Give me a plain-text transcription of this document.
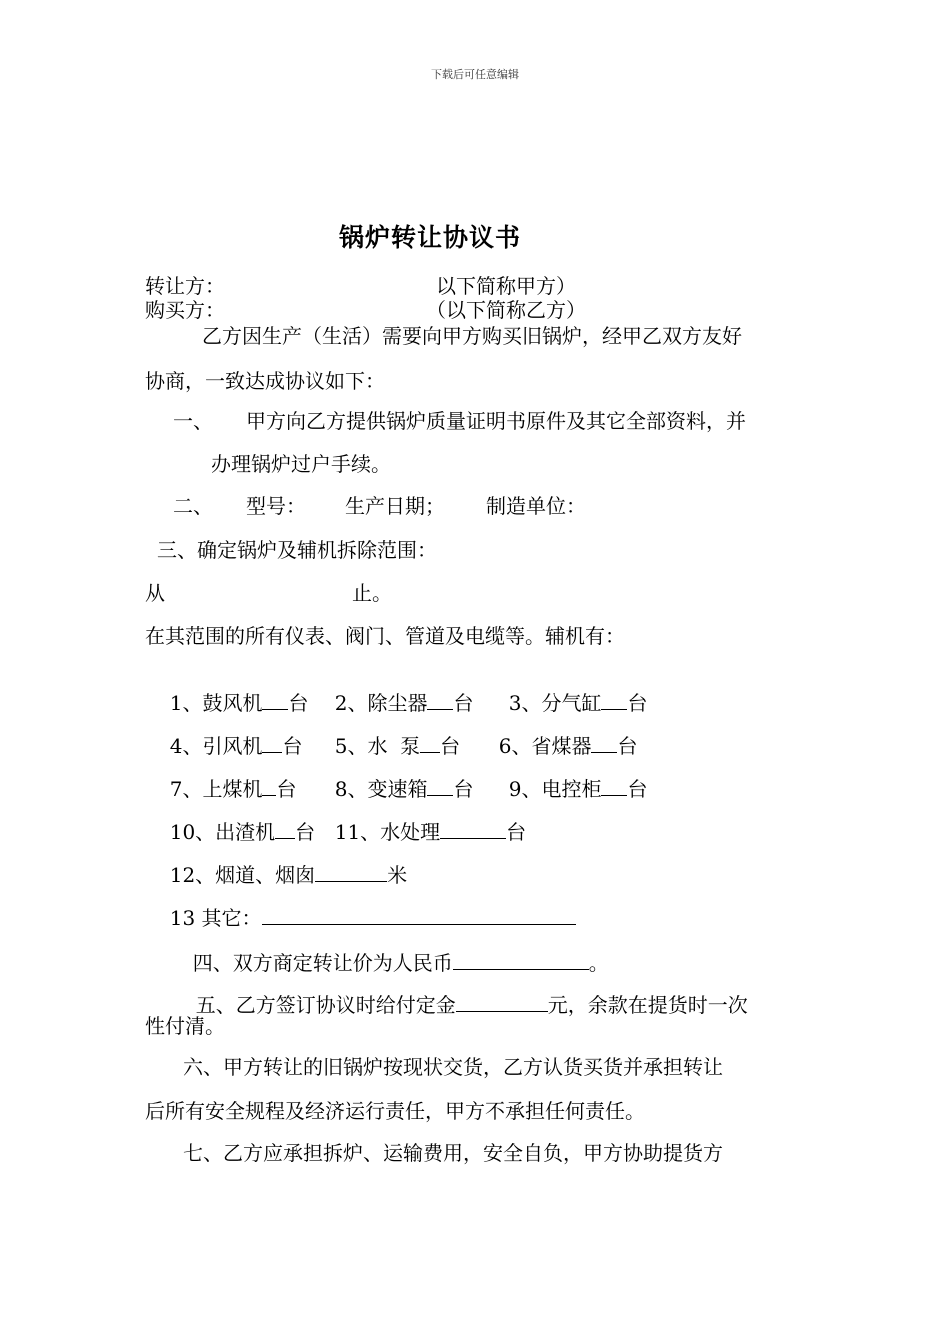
下载后可任意编辑
锅炉转让协议书
转让方：	以下简称甲方）
购买方：	（以下简称乙方）
乙方因生产（生活）需要向甲方购买旧锅炉，经甲乙双方友好
协商，一致达成协议如下：
一、 甲方向乙方提供锅炉质量证明书原件及其它全部资料，并
办理锅炉过户手续。
二、 型号： 生产日期； 制造单位：
三、确定锅炉及辅机拆除范围：
从	止。
在其范围的所有仪表、阀门、管道及电缆等。辅机有：

1、鼓风机 台	2、除尘器 台	3、分气缸 台

4、引风机 台	5、水  泵 台	6、省煤器 台

7、上煤机 台	8、变速箱 台	9、电控柜 台

10、出渣机 台 11、水处理	台

12、烟道、烟囱	米

13 其它：

四、双方商定转让价为人民币	。

五、乙方签订协议时给付定金	元，余款在提货时一次

性付清。
六、甲方转让的旧锅炉按现状交货，乙方认货买货并承担转让
后所有安全规程及经济运行责任，甲方不承担任何责任。
七、乙方应承担拆炉、运输费用，安全自负，甲方协助提货方
